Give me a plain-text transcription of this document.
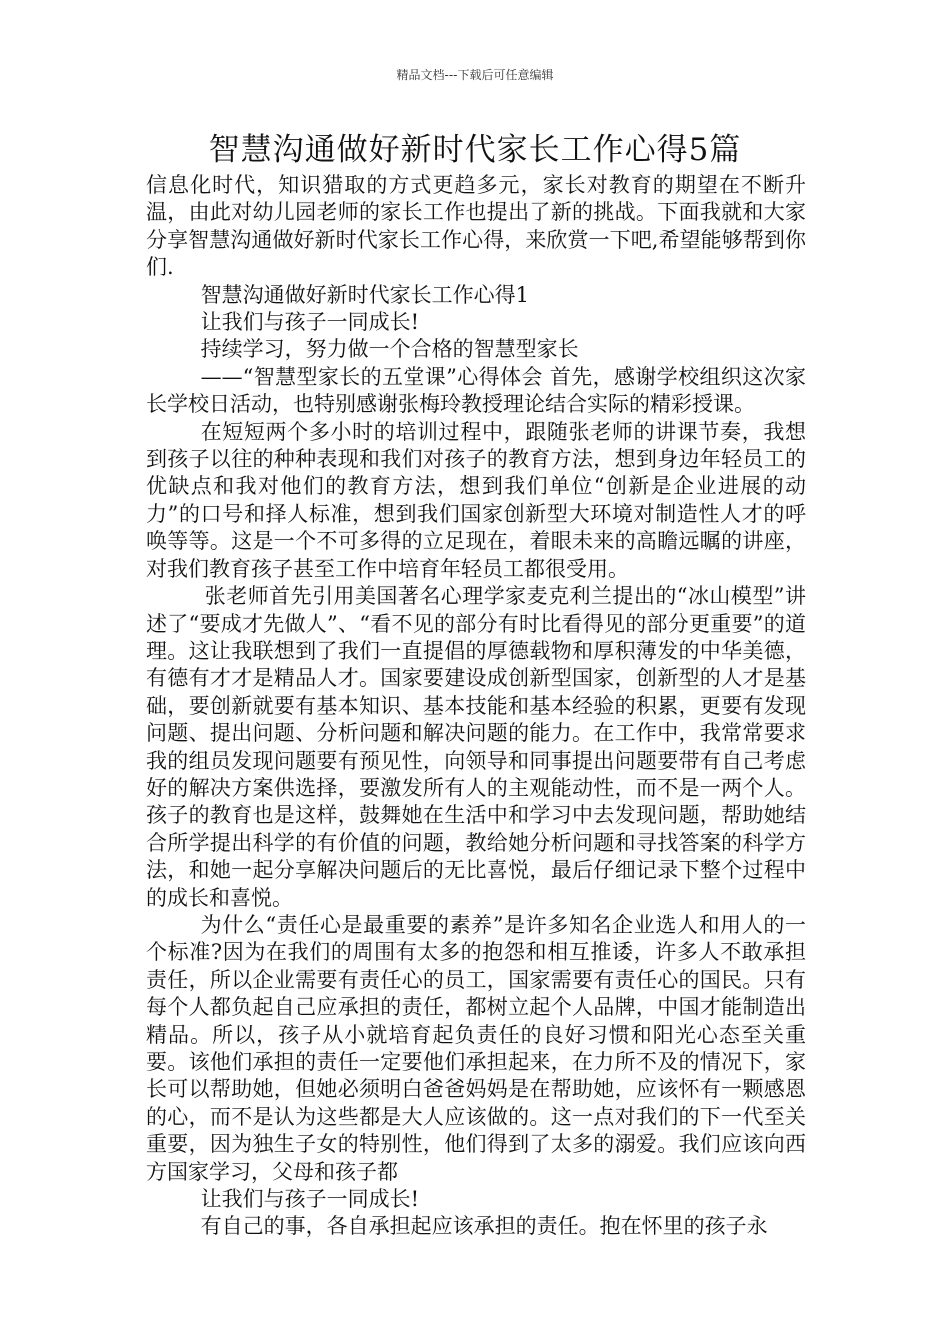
精品文档---下载后可任意编辑
智慧沟通做好新时代家长工作心得5篇

信息化时代，知识猎取的方式更趋多元，家长对教育的期望在不断升温，由此对幼儿园老师的家长工作也提出了新的挑战。下面我就和大家分享智慧沟通做好新时代家长工作心得，来欣赏一下吧,希望能够帮到你们.

智慧沟通做好新时代家长工作心得1

让我们与孩子一同成长!

持续学习，努力做一个合格的智慧型家长

——“智慧型家长的五堂课”心得体会 首先，感谢学校组织这次家长学校日活动，也特别感谢张梅玲教授理论结合实际的精彩授课。

在短短两个多小时的培训过程中，跟随张老师的讲课节奏，我想到孩子以往的种种表现和我们对孩子的教育方法，想到身边年轻员工的优缺点和我对他们的教育方法，想到我们单位“创新是企业进展的动力”的口号和择人标准，想到我们国家创新型大环境对制造性人才的呼唤等等。这是一个不可多得的立足现在，着眼未来的高瞻远瞩的讲座，对我们教育孩子甚至工作中培育年轻员工都很受用。

张老师首先引用美国著名心理学家麦克利兰提出的“冰山模型”讲述了“要成才先做人”、“看不见的部分有时比看得见的部分更重要”的道理。这让我联想到了我们一直提倡的厚德载物和厚积薄发的中华美德，有德有才才是精品人才。国家要建设成创新型国家，创新型的人才是基础，要创新就要有基本知识、基本技能和基本经验的积累，更要有发现问题、提出问题、分析问题和解决问题的能力。在工作中，我常常要求我的组员发现问题要有预见性，向领导和同事提出问题要带有自己考虑好的解决方案供选择，要激发所有人的主观能动性，而不是一两个人。孩子的教育也是这样，鼓舞她在生活中和学习中去发现问题，帮助她结合所学提出科学的有价值的问题，教给她分析问题和寻找答案的科学方法，和她一起分享解决问题后的无比喜悦，最后仔细记录下整个过程中的成长和喜悦。

为什么“责任心是最重要的素养”是许多知名企业选人和用人的一个标准?因为在我们的周围有太多的抱怨和相互推诿，许多人不敢承担责任，所以企业需要有责任心的员工，国家需要有责任心的国民。只有每个人都负起自己应承担的责任，都树立起个人品牌，中国才能制造出精品。所以，孩子从小就培育起负责任的良好习惯和阳光心态至关重要。该他们承担的责任一定要他们承担起来，在力所不及的情况下，家长可以帮助她，但她必须明白爸爸妈妈是在帮助她，应该怀有一颗感恩的心，而不是认为这些都是大人应该做的。这一点对我们的下一代至关重要，因为独生子女的特别性，他们得到了太多的溺爱。我们应该向西方国家学习，父母和孩子都

让我们与孩子一同成长!

有自己的事，各自承担起应该承担的责任。抱在怀里的孩子永
